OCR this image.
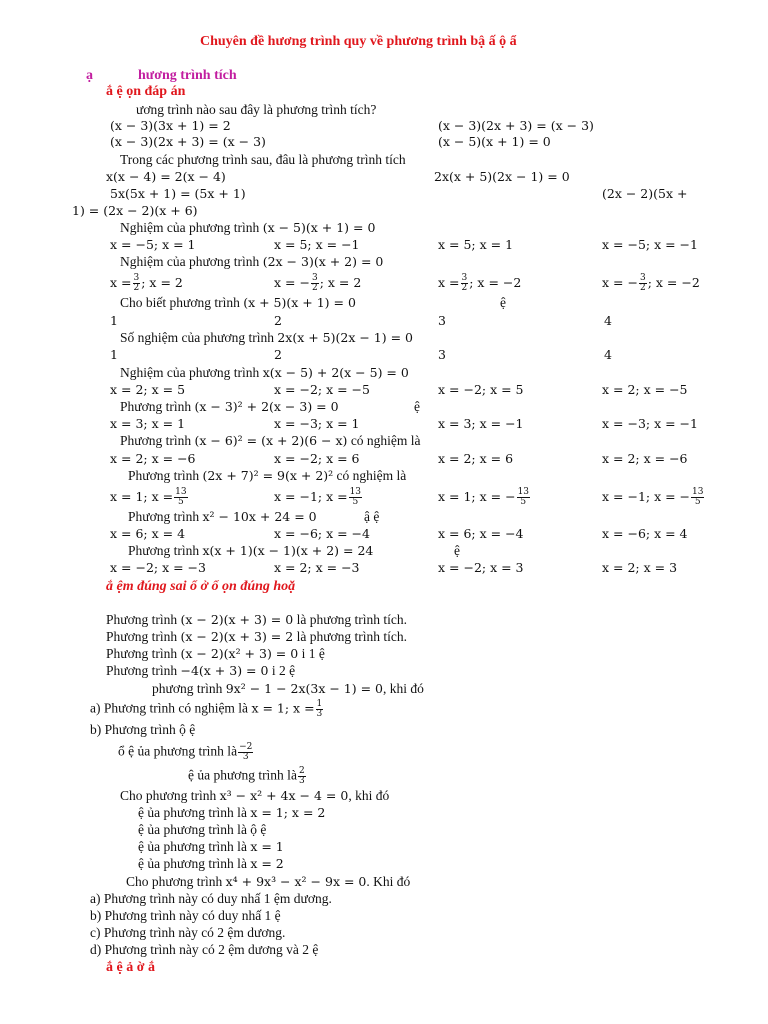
Chuyên đề hương trình quy về phương trình bậ ấ ộ ẩ
ạ	hương trình tích
ắ ệ ọn đáp án
ương trình nào sau đây là phương trình tích?
(x − 3)(3x + 1) = 2	(x − 3)(2x + 3) = (x − 3)
(x − 3)(2x + 3) = (x − 3)	(x − 5)(x + 1) = 0
Trong các phương trình sau, đâu là phương trình tích
x(x − 4) = 2(x − 4)	2x(x + 5)(2x − 1) = 0
5x(5x + 1) = (5x + 1)	(2x − 2)(5x +
1) = (2x − 2)(x + 6)
Nghiệm của phương trình (x − 5)(x + 1) = 0
x = −5; x = 1	x = 5; x = −1	x = 5; x = 1	x = −5; x = −1
Nghiệm của phương trình (2x − 3)(x + 2) = 0
$x = \frac{3}{2}$ ; x = 2	x = − $\frac{3}{2}$ ; x = 2	$x = \frac{3}{2}$ ; x = −2	x = − $\frac{3}{2}$ ; x = −2
Cho biết phương trình (x + 5)(x + 1) = 0	ệ
1	2	3	4
Số nghiệm của phương trình 2x(x + 5)(2x − 1) = 0
1	2	3	4
Nghiệm của phương trình x(x − 5) + 2(x − 5) = 0
x = 2; x = 5	x = −2; x = −5	x = −2; x = 5	x = 2; x = −5
Phương trình (x − 3)² + 2(x − 3) = 0	ệ
x = 3; x = 1	x = −3; x = 1	x = 3; x = −1	x = −3; x = −1
Phương trình (x − 6)² = (x + 2)(6 − x) có nghiệm là
x = 2; x = −6	x = −2; x = 6	x = 2; x = 6	x = 2; x = −6
Phương trình (2x + 7)² = 9(x + 2)² có nghiệm là
x = 1; $x = \frac{13}{5}$	x = −1; $x = \frac{13}{5}$	x = 1; x = − $\frac{13}{5}$	x = −1; x = − $\frac{13}{5}$
Phương trình x² − 10x + 24 = 0	ậ ệ
x = 6; x = 4	x = −6; x = −4	x = 6; x = −4	x = −6; x = 4
Phương trình x(x + 1)(x − 1)(x + 2) = 24	ệ
x = −2; x = −3	x = 2; x = −3	x = −2; x = 3	x = 2; x = 3
ắ ệm đúng sai ổ ở ổ ọn đúng hoặ
Phương trình (x − 2)(x + 3) = 0 là phương trình tích.
Phương trình (x − 2)(x + 3) = 2 là phương trình tích.
Phương trình (x − 2)(x² + 3) = 0 i 1 ệ
Phương trình −4(x + 3) = 0 i 2 ệ
phương trình 9x² − 1 − 2x(3x − 1) = 0, khi đó
a) Phương trình có nghiệm là x = 1; $x = \frac{1}{3}$
b) Phương trình ộ ệ
ổ ệ ủa phương trình là $\frac{-2}{3}$
ệ ủa phương trình là $\frac{2}{3}$
Cho phương trình x³ − x² + 4x − 4 = 0, khi đó
ệ ủa phương trình là x = 1; x = 2
ệ ủa phương trình là ộ ệ
ệ ủa phương trình là x = 1
ệ ủa phương trình là x = 2
Cho phương trình x⁴ + 9x³ − x² − 9x = 0. Khi đó
a) Phương trình này có duy nhấ 1 ệm dương.
b) Phương trình này có duy nhấ 1 ệ
c) Phương trình này có 2 ệm dương.
d) Phương trình này có 2 ệm dương và 2 ệ
ắ ệ ả ờ ắ
